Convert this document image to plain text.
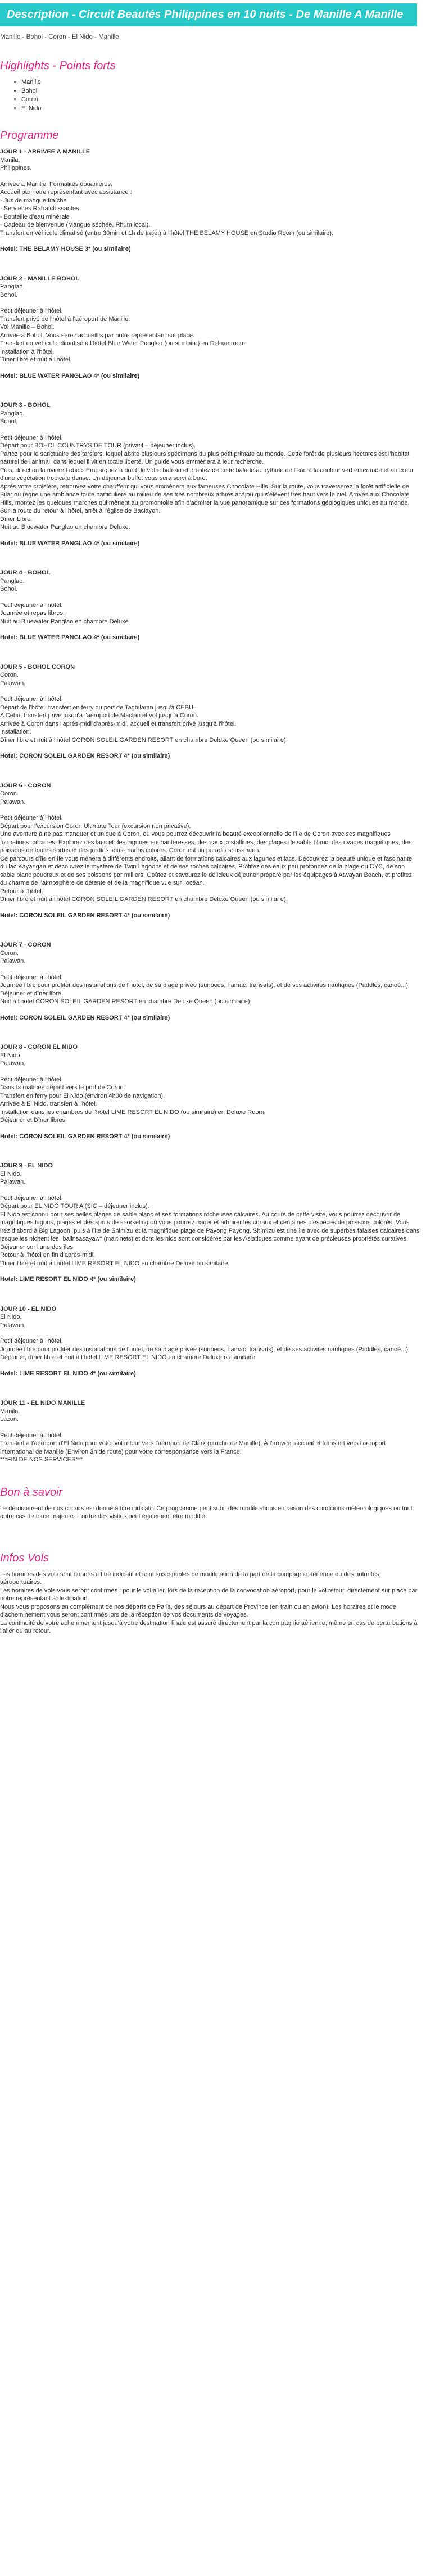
Description - Circuit Beautés Philippines en 10 nuits - De Manille A Manille
Manille - Bohol - Coron - El Nido - Manille
Highlights - Points forts
• Manille
• Bohol
• Coron
• El Nido
Programme

JOUR 1 - ARRIVEE A MANILLE

Manila,

Philippines.

Arrivée à Manille. Formalités douanières.

Accueil par notre représentant avec assistance :

- Jus de mangue fraîche

- Serviettes Rafraîchissantes

- Bouteille d'eau minérale

- Cadeau de bienvenue (Mangue séchée, Rhum local).

Transfert en véhicule climatisé (entre 30min et 1h de trajet) à l'hôtel THE BELAMY HOUSE en Studio Room (ou similaire).

Hotel: THE BELAMY HOUSE 3* (ou similaire)

JOUR 2 - MANILLE BOHOL

Panglao.

Bohol.

Petit déjeuner à l'hôtel.

Transfert privé de l'hôtel à l'aéroport de Manille.

Vol Manille – Bohol.

Arrivée à Bohol. Vous serez accueillis par notre représentant sur place.

Transfert en véhicule climatisé à l'hôtel Blue Water Panglao (ou similaire) en Deluxe room.

Installation à l'hôtel.

Dîner libre et nuit à l'hôtel.

Hotel: BLUE WATER PANGLAO 4* (ou similaire)

JOUR 3 - BOHOL

Panglao.

Bohol.

Petit déjeuner à l'hôtel.

Départ pour BOHOL COUNTRYSIDE TOUR (privatif – déjeuner inclus).

Partez pour le sanctuaire des tarsiers, lequel abrite plusieurs spécimens du plus petit primate au monde. Cette forêt de plusieurs hectares est l'habitat naturel de l'animal, dans lequel il vit en totale liberté. Un guide vous emmènera à leur recherche.

Puis, direction la rivière Loboc. Embarquez à bord de votre bateau et profitez de cette balade au rythme de l'eau à la couleur vert émeraude et au cœur d'une végétation tropicale dense. Un déjeuner buffet vous sera servi à bord.

Après votre croisière, retrouvez votre chauffeur qui vous emmènera aux fameuses Chocolate Hills. Sur la route, vous traverserez la forêt artificielle de Bilar où règne une ambiance toute particulière au milieu de ses très nombreux arbres acajou qui s'élèvent très haut vers le ciel. Arrivés aux Chocolate Hills, montez les quelques marches qui mènent au promontoire afin d'admirer la vue panoramique sur ces formations géologiques uniques au monde.

Sur la route du retour à l'hôtel, arrêt à l'église de Baclayon.

Dîner Libre.

Nuit au Bluewater Panglao en chambre Deluxe.

Hotel: BLUE WATER PANGLAO 4* (ou similaire)

JOUR 4 - BOHOL

Panglao.

Bohol.

Petit déjeuner à l'hôtel.

Journée et repas libres.

Nuit au Bluewater Panglao en chambre Deluxe.

Hotel: BLUE WATER PANGLAO 4* (ou similaire)

JOUR 5 - BOHOL CORON

Coron.

Palawan.

Petit déjeuner à l'hôtel.

Départ de l'hôtel, transfert en ferry du port de Tagbilaran jusqu'à CEBU.

A Cebu, transfert privé jusqu'à l'aéroport de Mactan et vol jusqu'à Coron.

Arrivée à Coron dans l'après-midi d'après-midi, accueil et transfert privé jusqu'à l'hôtel.

Installation.

Dîner libre et nuit à l'hôtel CORON SOLEIL GARDEN RESORT en chambre Deluxe Queen (ou similaire).

Hotel: CORON SOLEIL GARDEN RESORT 4* (ou similaire)

JOUR 6 - CORON

Coron.

Palawan.

Petit déjeuner à l'hôtel.

Départ pour l'excursion Coron Ultimate Tour (excursion non privative).

Une aventure à ne pas manquer et unique à Coron, où vous pourrez découvrir la beauté exceptionnelle de l'île de Coron avec ses magnifiques formations calcaires. Explorez des lacs et des lagunes enchanteresses, des eaux cristallines, des plages de sable blanc, des rivages magnifiques, des poissons de toutes sortes et des jardins sous-marins colorés. Coron est un paradis sous-marin.

Ce parcours d'île en île vous mènera à différents endroits, allant de formations calcaires aux lagunes et lacs. Découvrez la beauté unique et fascinante du lac Kayangan et découvrez le mystère de Twin Lagoons et de ses roches calcaires. Profitez des eaux peu profondes de la plage du CYC, de son sable blanc poudreux et de ses poissons par milliers. Goûtez et savourez le délicieux déjeuner préparé par les équipages à Atwayan Beach, et profitez du charme de l'atmosphère de détente et de la magnifique vue sur l'océan.

Retour à l'hôtel.

Dîner libre et nuit à l'hôtel CORON SOLEIL GARDEN RESORT en chambre Deluxe Queen (ou similaire).

Hotel: CORON SOLEIL GARDEN RESORT 4* (ou similaire)

JOUR 7 - CORON

Coron.

Palawan.

Petit déjeuner à l'hôtel.

Journée libre pour profiter des installations de l'hôtel, de sa plage privée (sunbeds, hamac, transats), et de ses activités nautiques (Paddles, canoé...)

Déjeuner et dîner libre.

Nuit à l'hôtel CORON SOLEIL GARDEN RESORT en chambre Deluxe Queen (ou similaire).

Hotel: CORON SOLEIL GARDEN RESORT 4* (ou similaire)

JOUR 8 - CORON EL NIDO

El Nido.

Palawan.

Petit déjeuner à l'hôtel.

Dans la matinée départ vers le port de Coron.

Transfert en ferry pour El Nido (environ 4h00 de navigation).

Arrivée à El Nido, transfert à l'hôtel.

Installation dans les chambres de l'hôtel LIME RESORT EL NIDO (ou similaire) en Deluxe Room.

Déjeuner et Dîner libres

Hotel: CORON SOLEIL GARDEN RESORT 4* (ou similaire)

JOUR 9 - EL NIDO

El Nido.

Palawan.

Petit déjeuner à l'hôtel.

Départ pour EL NIDO TOUR A (SIC – déjeuner inclus).

El Nido est connu pour ses belles plages de sable blanc et ses formations rocheuses calcaires. Au cours de cette visite, vous pourrez découvrir de magnifiques lagons, plages et des spots de snorkeling où vous pourrez nager et admirer les coraux et centaines d'espèces de poissons colorés. Vous irez d'abord à Big Lagoon, puis à l'île de Shimizu et la magnifique plage de Payong Payong. Shimizu est une île avec de superbes falaises calcaires dans lesquelles nichent les "balinsasayaw" (martinets) et dont les nids sont considérés par les Asiatiques comme ayant de précieuses propriétés curatives.

Déjeuner sur l'une des îles

Retour à l'hôtel en fin d'après-midi.

Dîner libre et nuit à l'hôtel LIME RESORT EL NIDO en chambre Deluxe ou similaire.

Hotel: LIME RESORT EL NIDO 4* (ou similaire)

JOUR 10 - EL NIDO

El Nido.

Palawan.

Petit déjeuner à l'hôtel.

Journée libre pour profiter des installations de l'hôtel, de sa plage privée (sunbeds, hamac, transats), et de ses activités nautiques (Paddles, canoé...)

Déjeuner, dîner libre et nuit à l'hôtel LIME RESORT EL NIDO en chambre Deluxe ou similaire.

Hotel: LIME RESORT EL NIDO 4* (ou similaire)

JOUR 11 - EL NIDO MANILLE

Manila.

Luzon.

Petit déjeuner à l'hôtel.

Transfert à l'aéroport d'El Nido pour votre vol retour vers l'aéroport de Clark (proche de Manille). À l'arrivée, accueil et transfert vers l'aéroport international de Manille (Environ 3h de route) pour votre correspondance vers la France.

***FIN DE NOS SERVICES***

Bon à savoir

Le déroulement de nos circuits est donné à titre indicatif. Ce programme peut subir des modifications en raison des conditions météorologiques ou tout autre cas de force majeure. L'ordre des visites peut également être modifié.

Infos Vols

Les horaires des vols sont donnés à titre indicatif et sont susceptibles de modification de la part de la compagnie aérienne ou des autorités aéroportuaires.

Les horaires de vols vous seront confirmés : pour le vol aller, lors de la réception de la convocation aéroport, pour le vol retour, directement sur place par notre représentant à destination.

Nous vous proposons en complément de nos départs de Paris, des séjours au départ de Province (en train ou en avion). Les horaires et le mode d'acheminement vous seront confirmés lors de la réception de vos documents de voyages.

La continuité de votre acheminement jusqu'à votre destination finale est assuré directement par la compagnie aérienne, même en cas de perturbations à l'aller ou au retour.
